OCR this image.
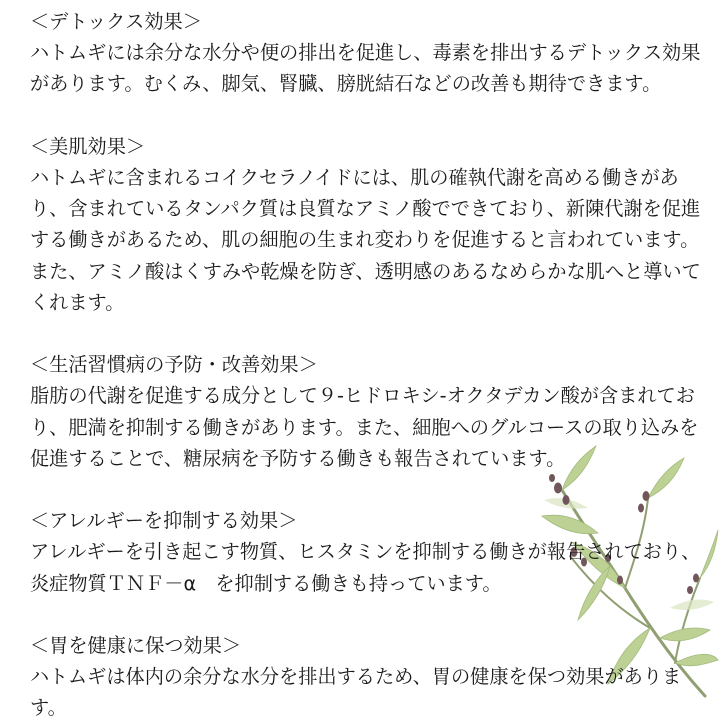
＜デトックス効果＞

ハトムギには余分な水分や便の排出を促進し、毒素を排出するデトックス効果があります。むくみ、脚気、腎臓、膀胱結石などの改善も期待できます。

＜美肌効果＞

ハトムギに含まれるコイクセラノイドには、肌の確執代謝を高める働きがあり、含まれているタンパク質は良質なアミノ酸でできており、新陳代謝を促進する働きがあるため、肌の細胞の生まれ変わりを促進すると言われています。

また、アミノ酸はくすみや乾燥を防ぎ、透明感のあるなめらかな肌へと導いてくれます。

＜生活習慣病の予防・改善効果＞

脂肪の代謝を促進する成分として９-ヒドロキシ-オクタデカン酸が含まれており、肥満を抑制する働きがあります。また、細胞へのグルコースの取り込みを促進することで、糖尿病を予防する働きも報告されています。

＜アレルギーを抑制する効果＞

アレルギーを引き起こす物質、ヒスタミンを抑制する働きが報告されており、炎症物質ＴＮＦ－α　を抑制する働きも持っています。

＜胃を健康に保つ効果＞

ハトムギは体内の余分な水分を排出するため、胃の健康を保つ効果があります。
